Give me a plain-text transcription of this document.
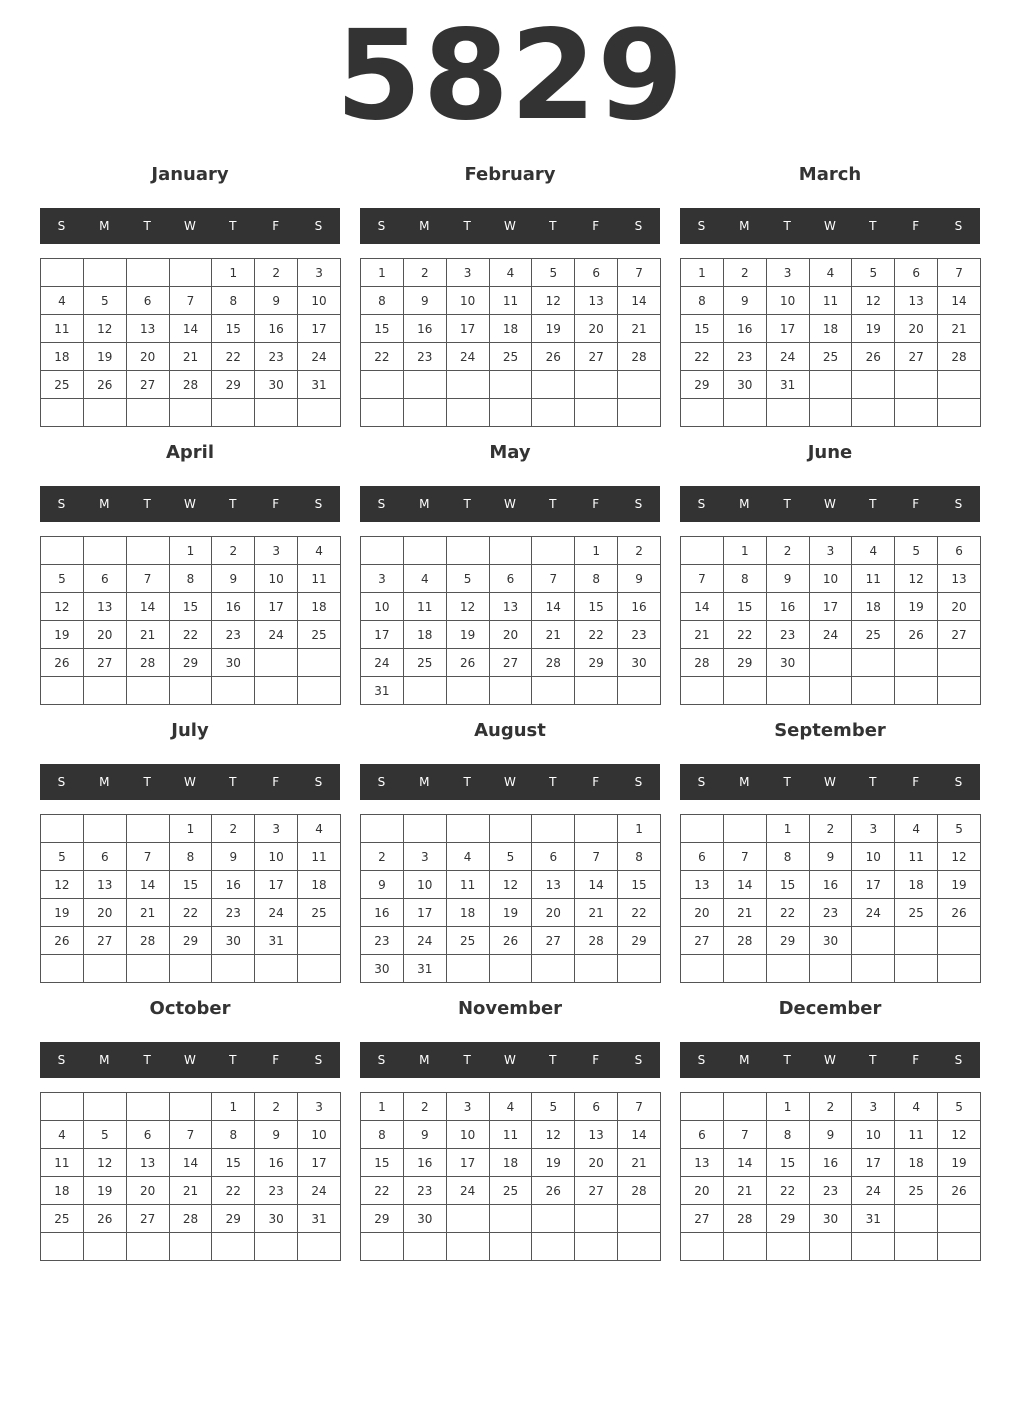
5829
January
S	M	T	W	T	F	S
				1	2	3
4	5	6	7	8	9	10
11	12	13	14	15	16	17
18	19	20	21	22	23	24
25	26	27	28	29	30	31

February
S	M	T	W	T	F	S
1	2	3	4	5	6	7
8	9	10	11	12	13	14
15	16	17	18	19	20	21
22	23	24	25	26	27	28

March
S	M	T	W	T	F	S
1	2	3	4	5	6	7
8	9	10	11	12	13	14
15	16	17	18	19	20	21
22	23	24	25	26	27	28
29	30	31				

April
S	M	T	W	T	F	S
			1	2	3	4
5	6	7	8	9	10	11
12	13	14	15	16	17	18
19	20	21	22	23	24	25
26	27	28	29	30		

May
S	M	T	W	T	F	S
					1	2
3	4	5	6	7	8	9
10	11	12	13	14	15	16
17	18	19	20	21	22	23
24	25	26	27	28	29	30
31						
June
S	M	T	W	T	F	S
	1	2	3	4	5	6
7	8	9	10	11	12	13
14	15	16	17	18	19	20
21	22	23	24	25	26	27
28	29	30				

July
S	M	T	W	T	F	S
			1	2	3	4
5	6	7	8	9	10	11
12	13	14	15	16	17	18
19	20	21	22	23	24	25
26	27	28	29	30	31	

August
S	M	T	W	T	F	S
						1
2	3	4	5	6	7	8
9	10	11	12	13	14	15
16	17	18	19	20	21	22
23	24	25	26	27	28	29
30	31					
September
S	M	T	W	T	F	S
		1	2	3	4	5
6	7	8	9	10	11	12
13	14	15	16	17	18	19
20	21	22	23	24	25	26
27	28	29	30			

October
S	M	T	W	T	F	S
				1	2	3
4	5	6	7	8	9	10
11	12	13	14	15	16	17
18	19	20	21	22	23	24
25	26	27	28	29	30	31

November
S	M	T	W	T	F	S
1	2	3	4	5	6	7
8	9	10	11	12	13	14
15	16	17	18	19	20	21
22	23	24	25	26	27	28
29	30					

December
S	M	T	W	T	F	S
		1	2	3	4	5
6	7	8	9	10	11	12
13	14	15	16	17	18	19
20	21	22	23	24	25	26
27	28	29	30	31		
